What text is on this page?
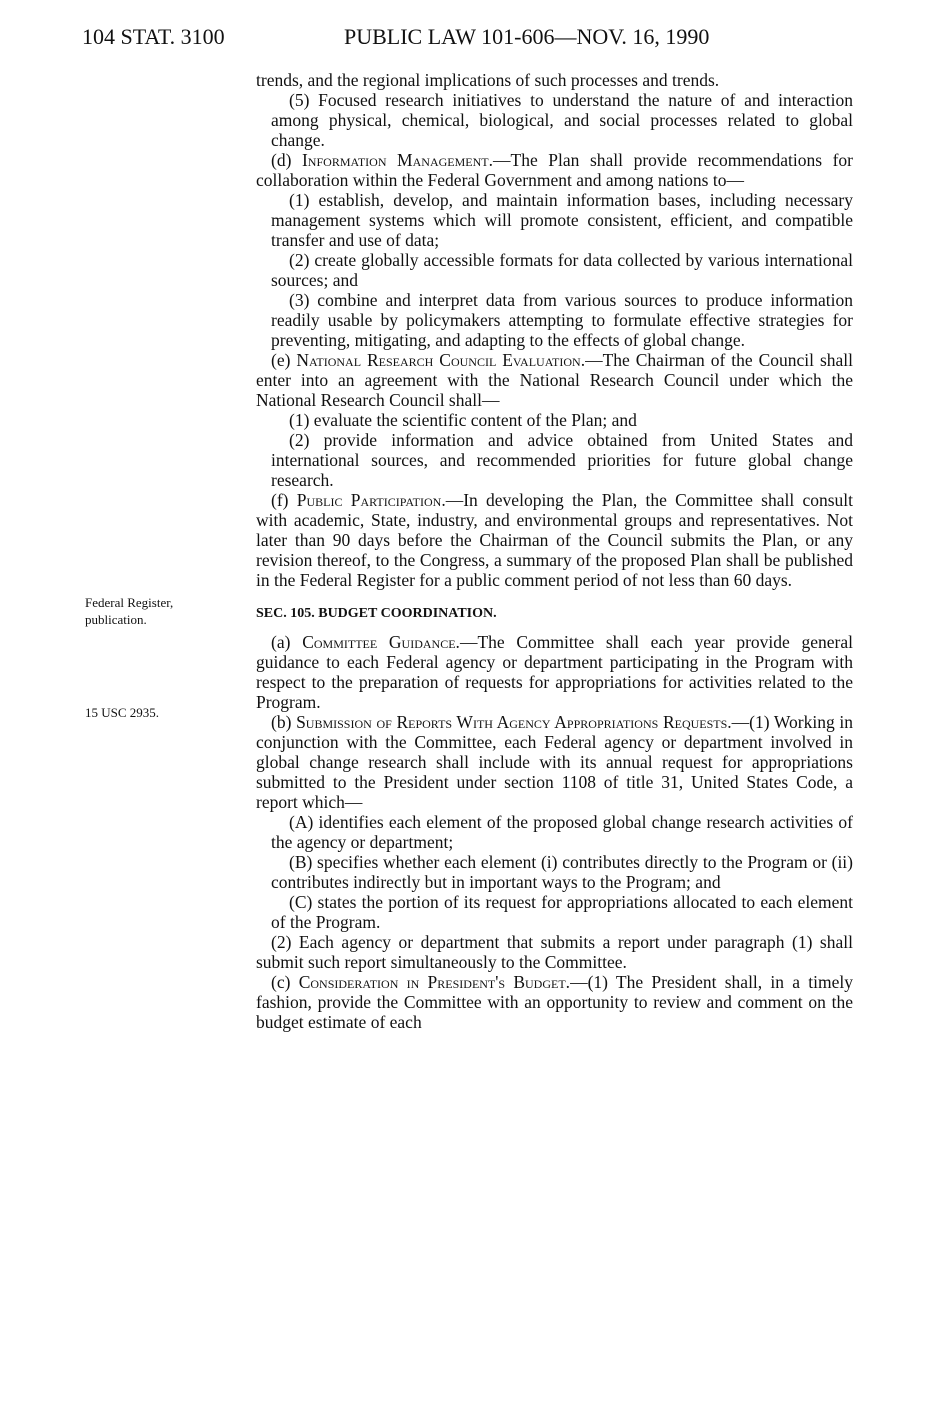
104 STAT. 3100	PUBLIC LAW 101-606—NOV. 16, 1990
Federal Register, publication.
15 USC 2935.

trends, and the regional implications of such processes and trends.

(5) Focused research initiatives to understand the nature of and interaction among physical, chemical, biological, and social processes related to global change.

(d) Information Management.—The Plan shall provide recommendations for collaboration within the Federal Government and among nations to—

(1) establish, develop, and maintain information bases, including necessary management systems which will promote consistent, efficient, and compatible transfer and use of data;

(2) create globally accessible formats for data collected by various international sources; and

(3) combine and interpret data from various sources to produce information readily usable by policymakers attempting to formulate effective strategies for preventing, mitigating, and adapting to the effects of global change.

(e) National Research Council Evaluation.—The Chairman of the Council shall enter into an agreement with the National Research Council under which the National Research Council shall—

(1) evaluate the scientific content of the Plan; and

(2) provide information and advice obtained from United States and international sources, and recommended priorities for future global change research.

(f) Public Participation.—In developing the Plan, the Committee shall consult with academic, State, industry, and environmental groups and representatives. Not later than 90 days before the Chairman of the Council submits the Plan, or any revision thereof, to the Congress, a summary of the proposed Plan shall be published in the Federal Register for a public comment period of not less than 60 days.

SEC. 105. BUDGET COORDINATION.

(a) Committee Guidance.—The Committee shall each year provide general guidance to each Federal agency or department participating in the Program with respect to the preparation of requests for appropriations for activities related to the Program.

(b) Submission of Reports With Agency Appropriations Requests.—(1) Working in conjunction with the Committee, each Federal agency or department involved in global change research shall include with its annual request for appropriations submitted to the President under section 1108 of title 31, United States Code, a report which—

(A) identifies each element of the proposed global change research activities of the agency or department;

(B) specifies whether each element (i) contributes directly to the Program or (ii) contributes indirectly but in important ways to the Program; and

(C) states the portion of its request for appropriations allocated to each element of the Program.

(2) Each agency or department that submits a report under paragraph (1) shall submit such report simultaneously to the Committee.

(c) Consideration in President's Budget.—(1) The President shall, in a timely fashion, provide the Committee with an opportunity to review and comment on the budget estimate of each
